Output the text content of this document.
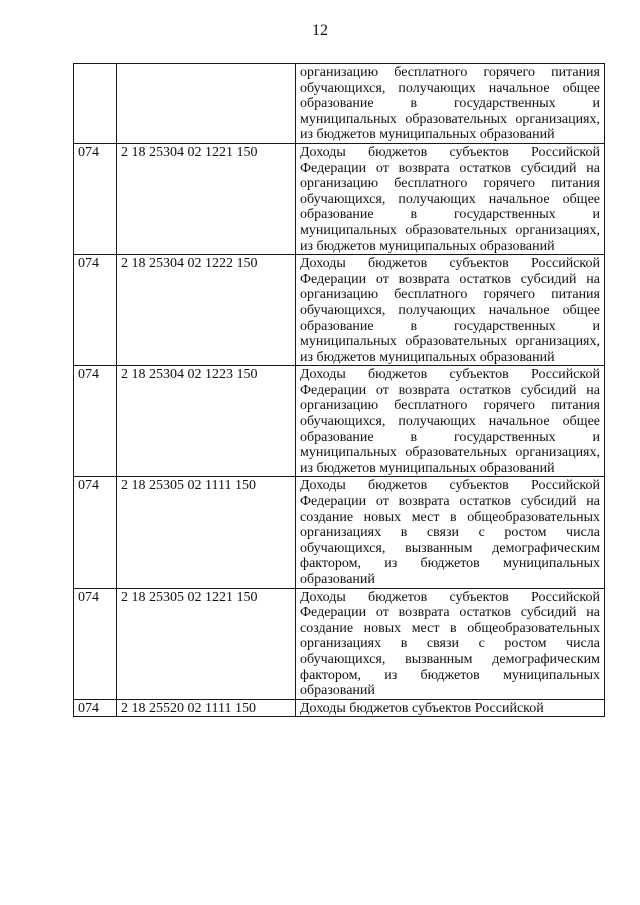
12
		организацию бесплатного горячего питания обучающихся, получающих начальное общее образование в государственных и муниципальных образовательных организациях, из бюджетов муниципальных образований
074	2 18 25304 02 1221 150	Доходы бюджетов субъектов Российской Федерации от возврата остатков субсидий на организацию бесплатного горячего питания обучающихся, получающих начальное общее образование в государственных и муниципальных образовательных организациях, из бюджетов муниципальных образований
074	2 18 25304 02 1222 150	Доходы бюджетов субъектов Российской Федерации от возврата остатков субсидий на организацию бесплатного горячего питания обучающихся, получающих начальное общее образование в государственных и муниципальных образовательных организациях, из бюджетов муниципальных образований
074	2 18 25304 02 1223 150	Доходы бюджетов субъектов Российской Федерации от возврата остатков субсидий на организацию бесплатного горячего питания обучающихся, получающих начальное общее образование в государственных и муниципальных образовательных организациях, из бюджетов муниципальных образований
074	2 18 25305 02 1111 150	Доходы бюджетов субъектов Российской Федерации от возврата остатков субсидий на создание новых мест в общеобразовательных организациях в связи с ростом числа обучающихся, вызванным демографическим фактором, из бюджетов муниципальных образований
074	2 18 25305 02 1221 150	Доходы бюджетов субъектов Российской Федерации от возврата остатков субсидий на создание новых мест в общеобразовательных организациях в связи с ростом числа обучающихся, вызванным демографическим фактором, из бюджетов муниципальных образований
074	2 18 25520 02 1111 150	Доходы бюджетов субъектов Российской
